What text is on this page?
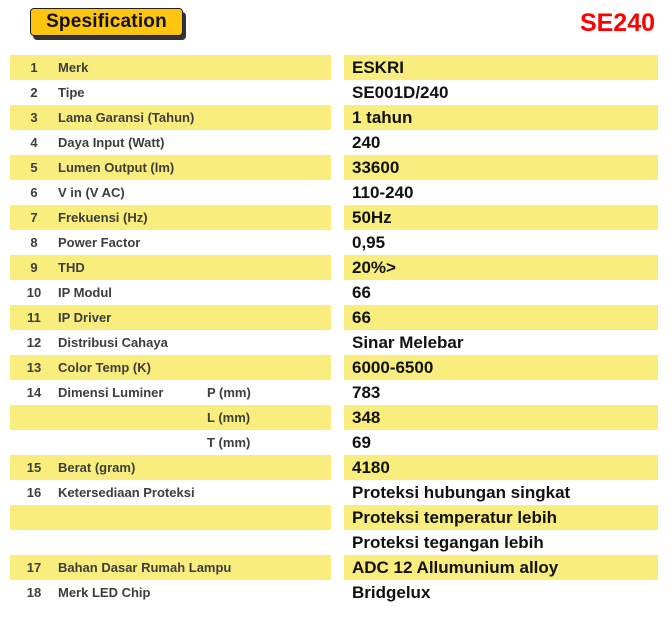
Spesification	SE240
1	Merk	ESKRI
2	Tipe	SE001D/240
3	Lama Garansi (Tahun)	1 tahun
4	Daya Input (Watt)	240
5	Lumen Output (lm)	33600
6	V in (V AC)	110-240
7	Frekuensi (Hz)	50Hz
8	Power Factor	0,95
9	THD	20%>
10	IP Modul	66
11	IP Driver	66
12	Distribusi Cahaya	Sinar Melebar
13	Color Temp (K)	6000-6500
14	Dimensi Luminer	P (mm)	783
L (mm)	348
T (mm)	69
15	Berat (gram)	4180
16	Ketersediaan Proteksi	Proteksi hubungan singkat
Proteksi temperatur lebih
Proteksi tegangan lebih
17	Bahan Dasar Rumah Lampu	ADC 12 Allumunium alloy
18	Merk LED Chip	Bridgelux
